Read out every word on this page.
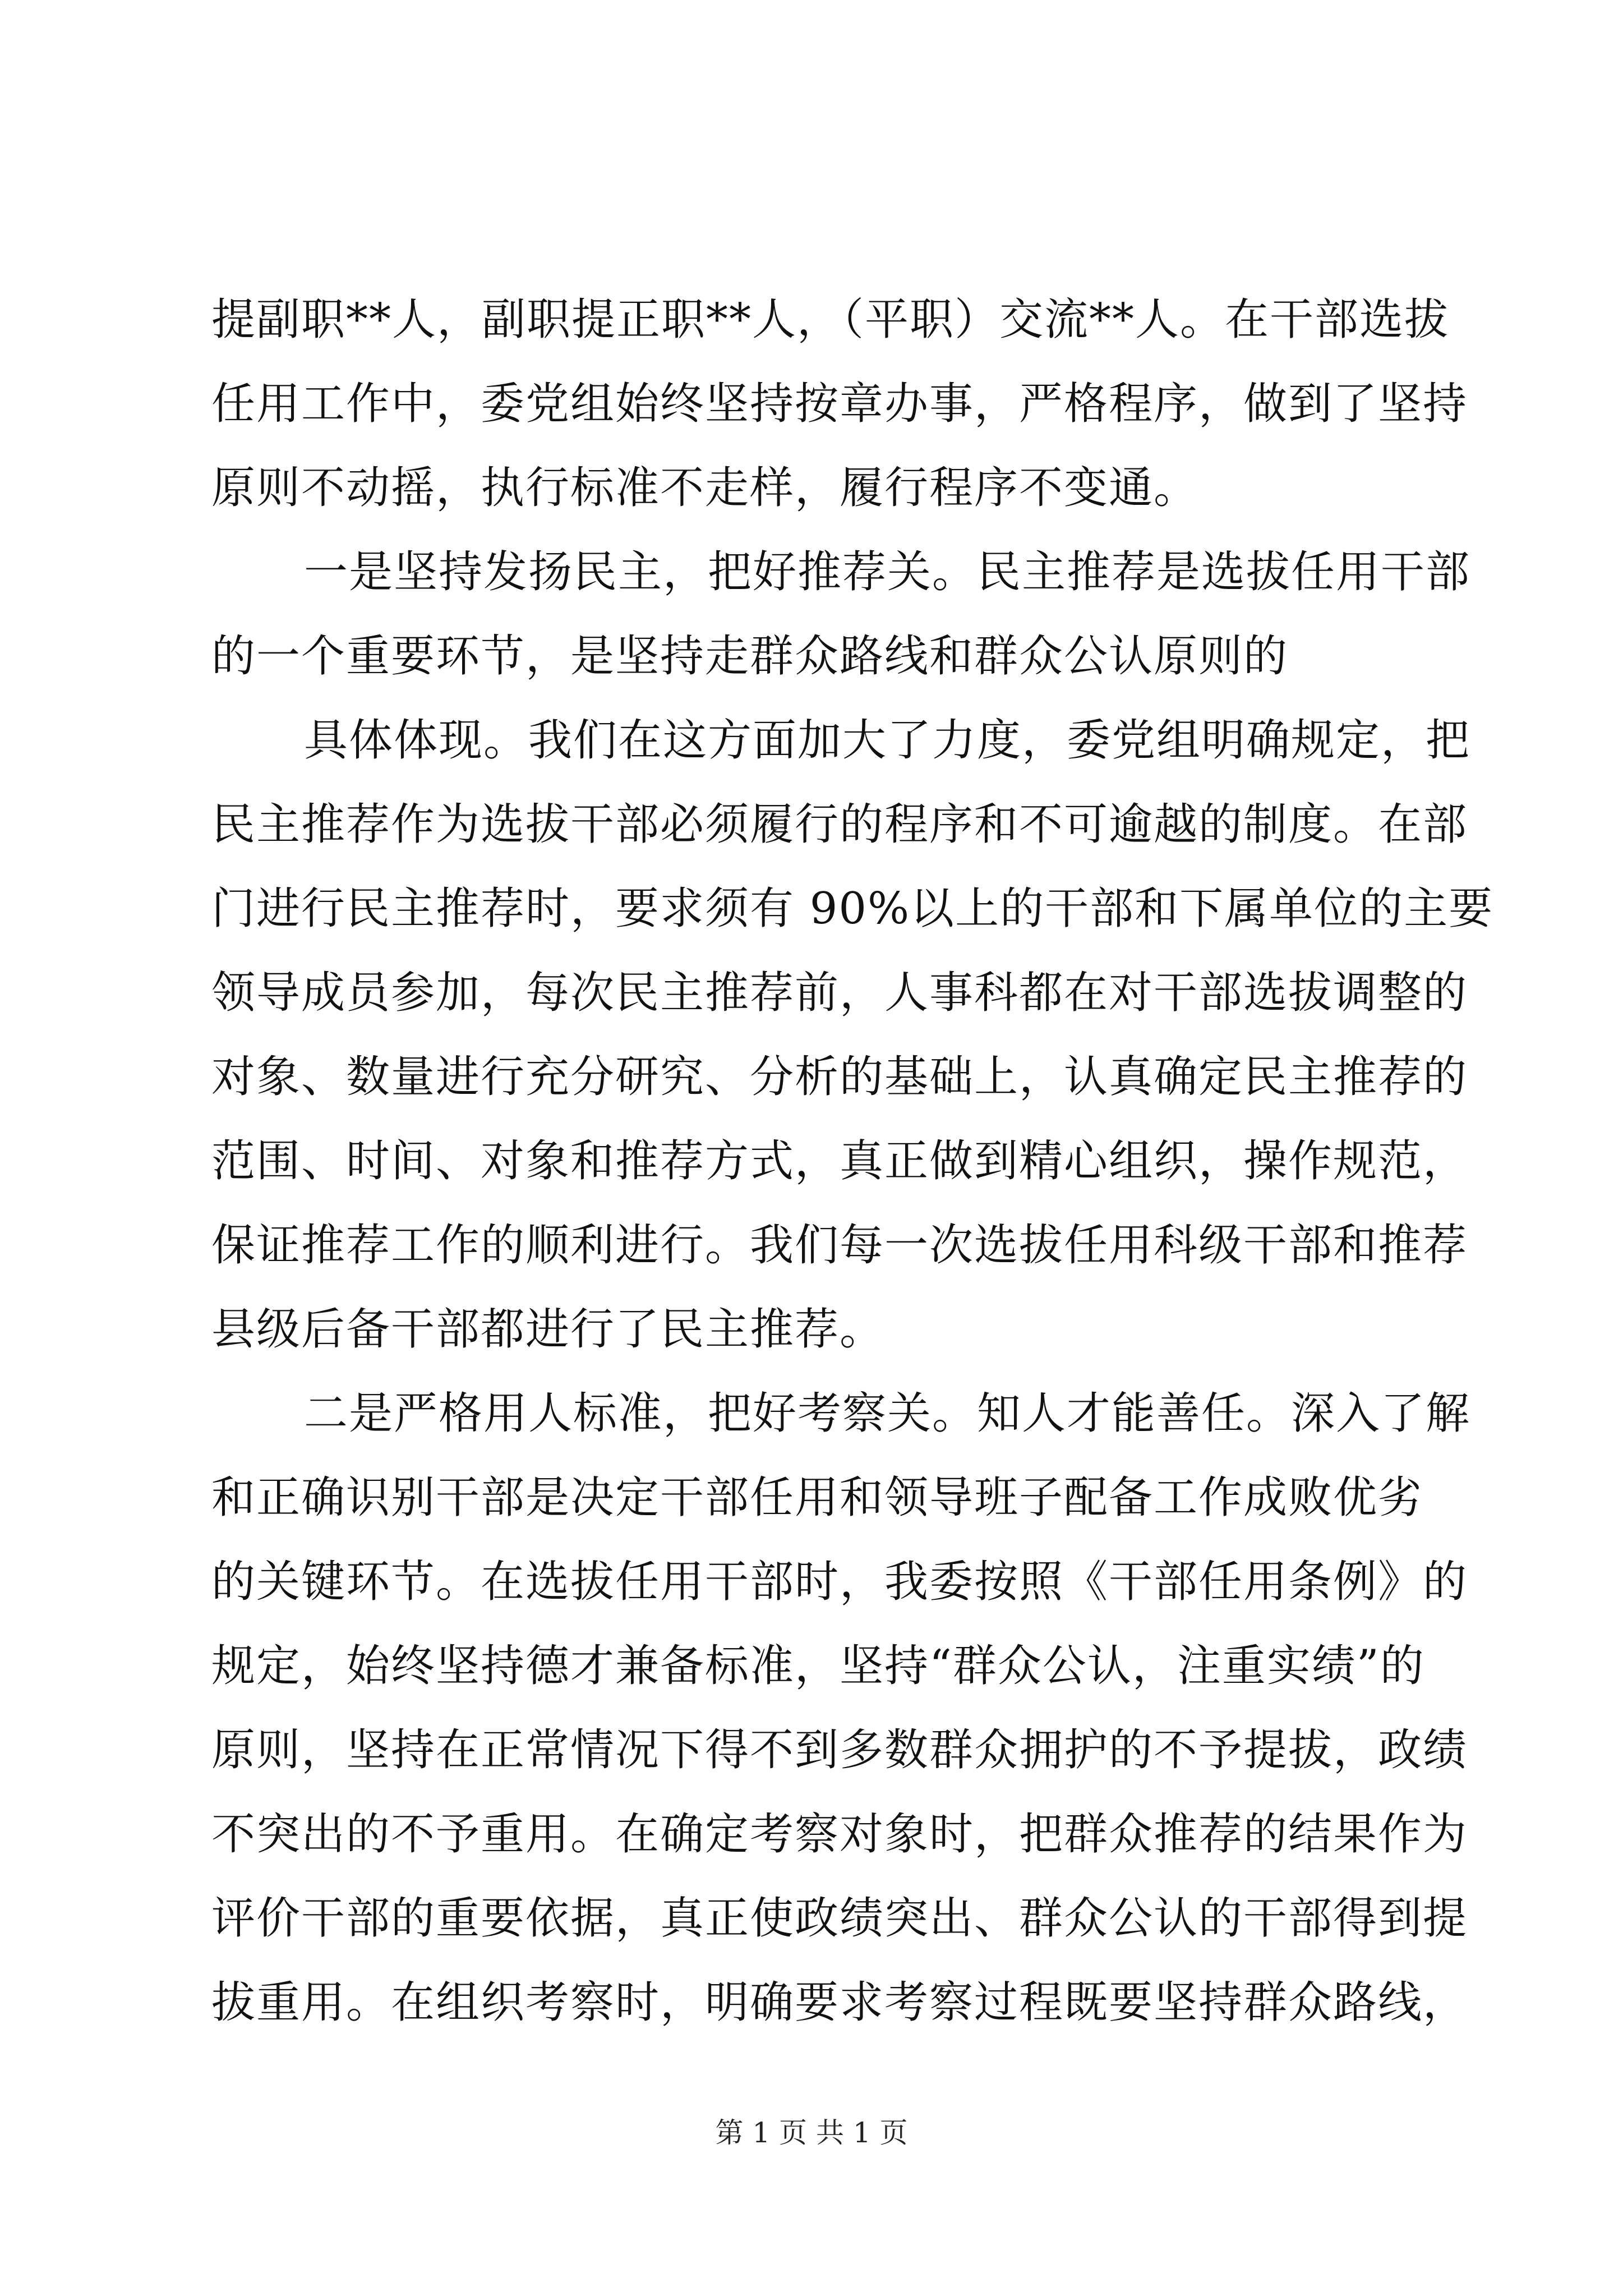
提副职**人，副职提正职**人，（平职）交流**人。在干部选拔
任用工作中，委党组始终坚持按章办事，严格程序，做到了坚持
原则不动摇，执行标准不走样，履行程序不变通。
一是坚持发扬民主，把好推荐关。民主推荐是选拔任用干部
的一个重要环节，是坚持走群众路线和群众公认原则的
具体体现。我们在这方面加大了力度，委党组明确规定，把
民主推荐作为选拔干部必须履行的程序和不可逾越的制度。在部
门进行民主推荐时，要求须有 90%以上的干部和下属单位的主要
领导成员参加，每次民主推荐前，人事科都在对干部选拔调整的
对象、数量进行充分研究、分析的基础上，认真确定民主推荐的
范围、时间、对象和推荐方式，真正做到精心组织，操作规范，
保证推荐工作的顺利进行。我们每一次选拔任用科级干部和推荐
县级后备干部都进行了民主推荐。
二是严格用人标准，把好考察关。知人才能善任。深入了解
和正确识别干部是决定干部任用和领导班子配备工作成败优劣
的关键环节。在选拔任用干部时，我委按照《干部任用条例》的
规定，始终坚持德才兼备标准，坚持“群众公认，注重实绩”的
原则，坚持在正常情况下得不到多数群众拥护的不予提拔，政绩
不突出的不予重用。在确定考察对象时，把群众推荐的结果作为
评价干部的重要依据，真正使政绩突出、群众公认的干部得到提
拔重用。在组织考察时，明确要求考察过程既要坚持群众路线，
第 1 页 共 1 页
